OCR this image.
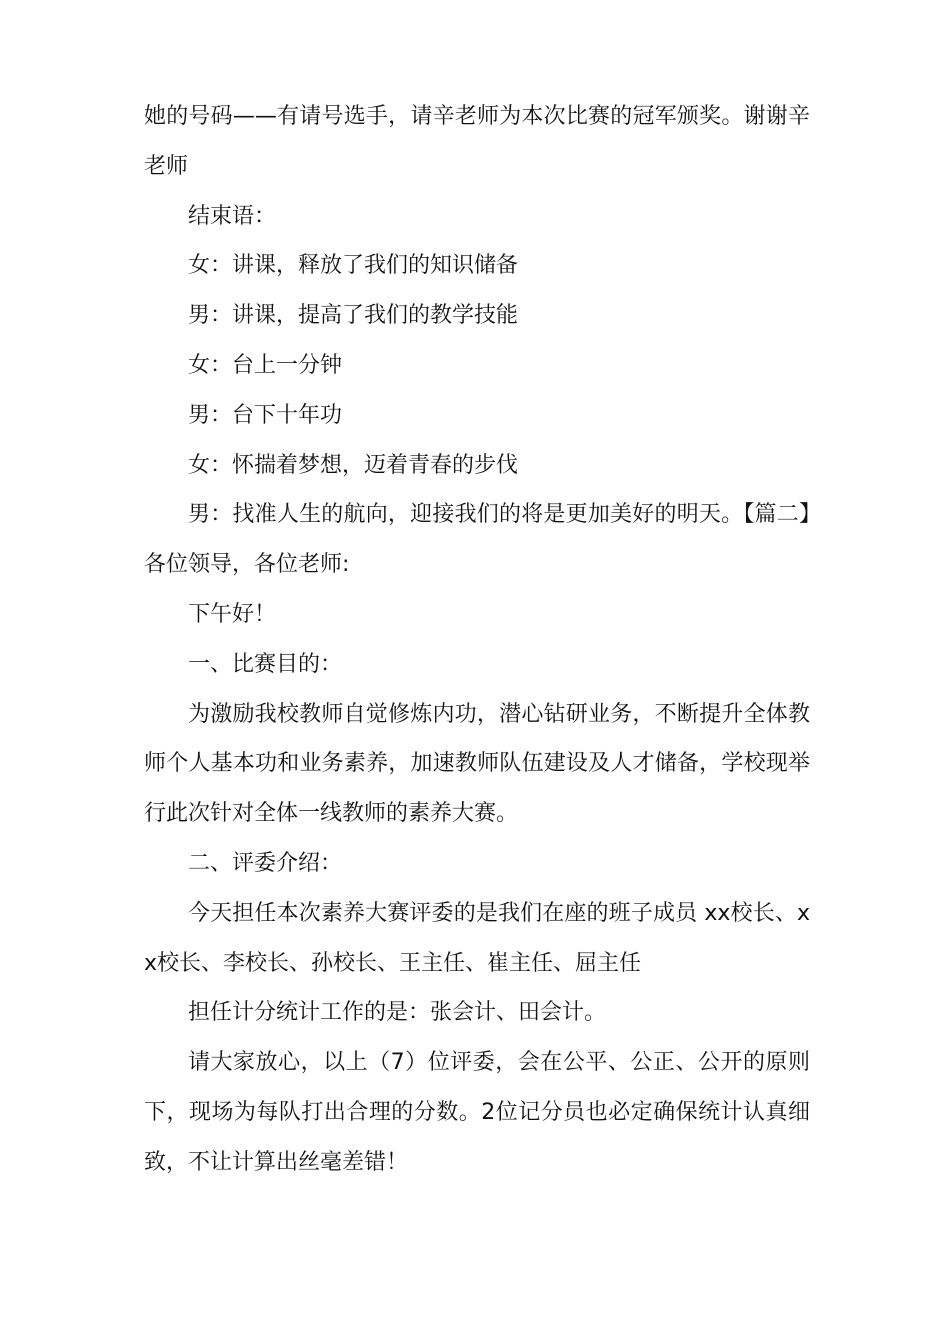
她的号码——有请号选手，请辛老师为本次比赛的冠军颁奖。谢谢辛老师

结束语：

女：讲课，释放了我们的知识储备

男：讲课，提高了我们的教学技能

女：台上一分钟

男：台下十年功

女：怀揣着梦想，迈着青春的步伐

男：找准人生的航向，迎接我们的将是更加美好的明天。【篇二】各位领导，各位老师:

下午好！

一、比赛目的：

为激励我校教师自觉修炼内功，潜心钻研业务，不断提升全体教师个人基本功和业务素养，加速教师队伍建设及人才储备，学校现举行此次针对全体一线教师的素养大赛。

二、评委介绍：

今天担任本次素养大赛评委的是我们在座的班子成员 xx校长、xx校长、李校长、孙校长、王主任、崔主任、屈主任

担任计分统计工作的是：张会计、田会计。

请大家放心，以上（7）位评委，会在公平、公正、公开的原则下，现场为每队打出合理的分数。2位记分员也必定确保统计认真细致，不让计算出丝毫差错！
